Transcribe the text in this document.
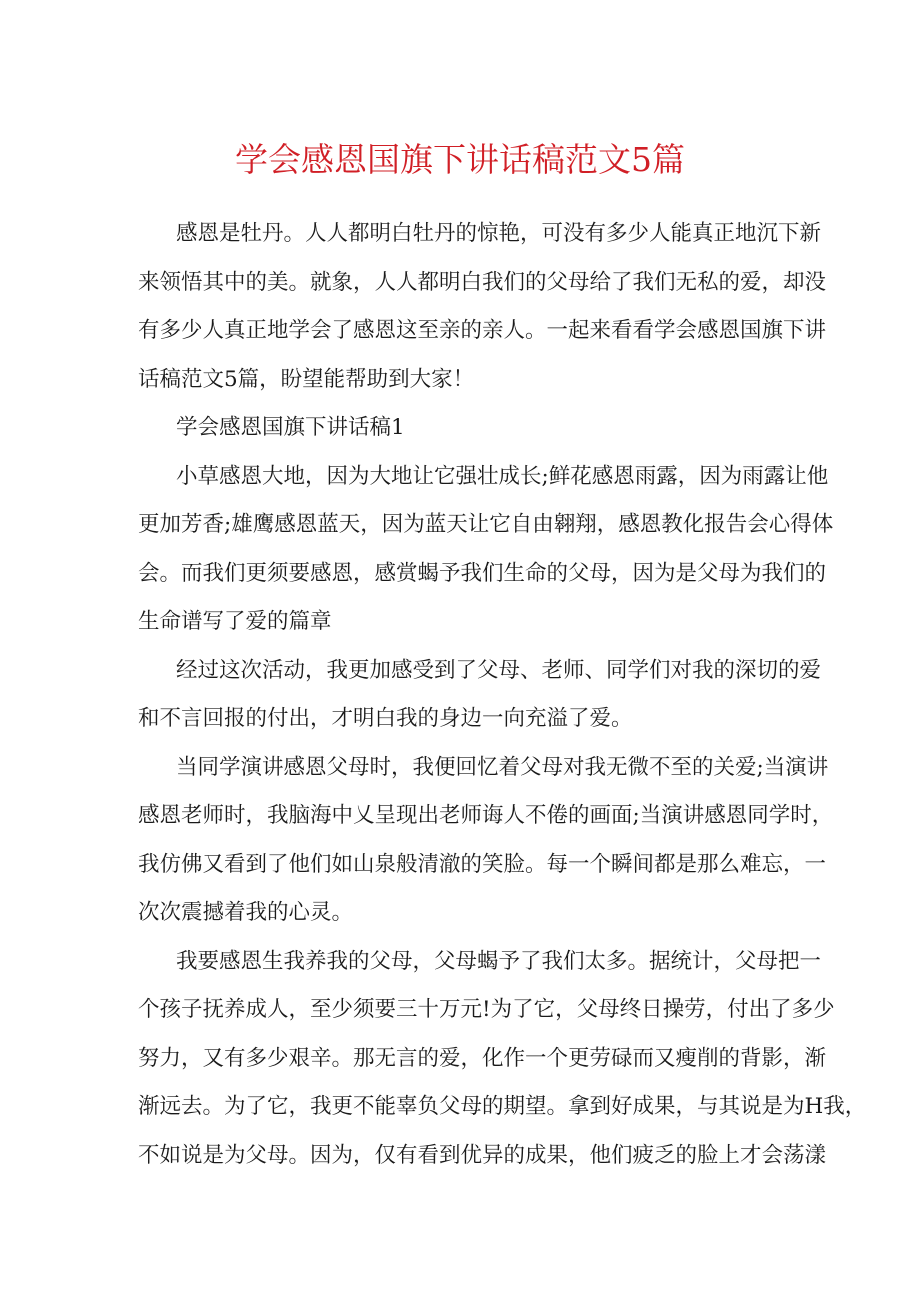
学会感恩国旗下讲话稿范文5篇
感恩是牡丹。人人都明白牡丹的惊艳，可没有多少人能真正地沉下新
来领悟其中的美。就象，人人都明白我们的父母给了我们无私的爱，却没
有多少人真正地学会了感恩这至亲的亲人。一起来看看学会感恩国旗下讲
话稿范文5篇，盼望能帮助到大家！
学会感恩国旗下讲话稿1
小草感恩大地，因为大地让它强壮成长;鲜花感恩雨露，因为雨露让他
更加芳香;雄鹰感恩蓝天，因为蓝天让它自由翱翔，感恩教化报告会心得体
会。而我们更须要感恩，感赏蝎予我们生命的父母，因为是父母为我们的
生命谱写了爱的篇章
经过这次活动，我更加感受到了父母、老师、同学们对我的深切的爱
和不言回报的付出，才明白我的身边一向充溢了爱。
当同学演讲感恩父母时，我便回忆着父母对我无微不至的关爱;当演讲
感恩老师时，我脑海中乂呈现出老师诲人不倦的画面;当演讲感恩同学时，
我仿佛又看到了他们如山泉般清澈的笑脸。每一个瞬间都是那么难忘，一
次次震撼着我的心灵。
我要感恩生我养我的父母，父母蝎予了我们太多。据统计，父母把一
个孩子抚养成人，至少须要三十万元!为了它，父母终日操劳，付出了多少
努力，又有多少艰辛。那无言的爱，化作一个更劳碌而又瘦削的背影，渐
渐远去。为了它，我更不能辜负父母的期望。拿到好成果，与其说是为H我，
不如说是为父母。因为，仅有看到优异的成果，他们疲乏的脸上才会荡漾
